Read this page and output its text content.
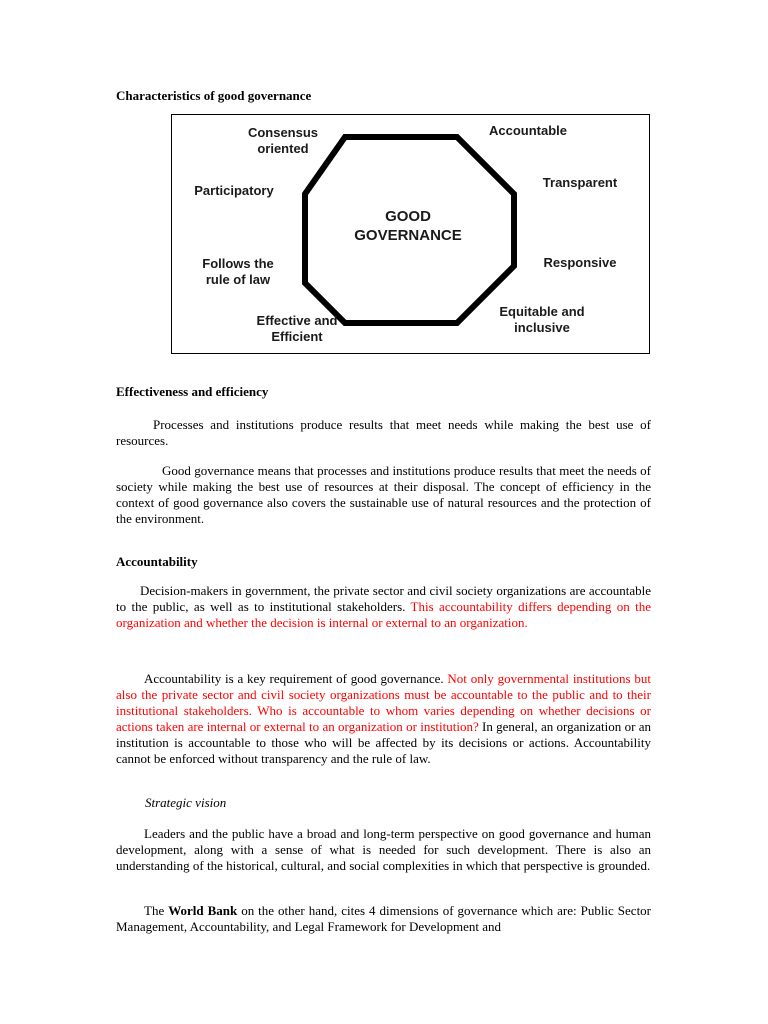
Characteristics of good governance

GOOD
GOVERNANCE
Consensus
oriented
Accountable
Participatory
Transparent
Follows the
rule of law
Responsive
Effective and
Efficient
Equitable and
inclusive

Effectiveness and efficiency

Processes and institutions produce results that meet needs while making the best use of resources.

Good governance means that processes and institutions produce results that meet the needs of society while making the best use of resources at their disposal. The concept of efficiency in the context of good governance also covers the sustainable use of natural resources and the protection of the environment.

Accountability

Decision-makers in government, the private sector and civil society organizations are accountable to the public, as well as to institutional stakeholders. This accountability differs depending on the organization and whether the decision is internal or external to an organization.

Accountability is a key requirement of good governance. Not only governmental institutions but also the private sector and civil society organizations must be accountable to the public and to their institutional stakeholders. Who is accountable to whom varies depending on whether decisions or actions taken are internal or external to an organization or institution? In general, an organization or an institution is accountable to those who will be affected by its decisions or actions. Accountability cannot be enforced without transparency and the rule of law.

Strategic vision

Leaders and the public have a broad and long-term perspective on good governance and human development, along with a sense of what is needed for such development. There is also an understanding of the historical, cultural, and social complexities in which that perspective is grounded.

The World Bank on the other hand, cites 4 dimensions of governance which are: Public Sector Management, Accountability, and Legal Framework for Development and
